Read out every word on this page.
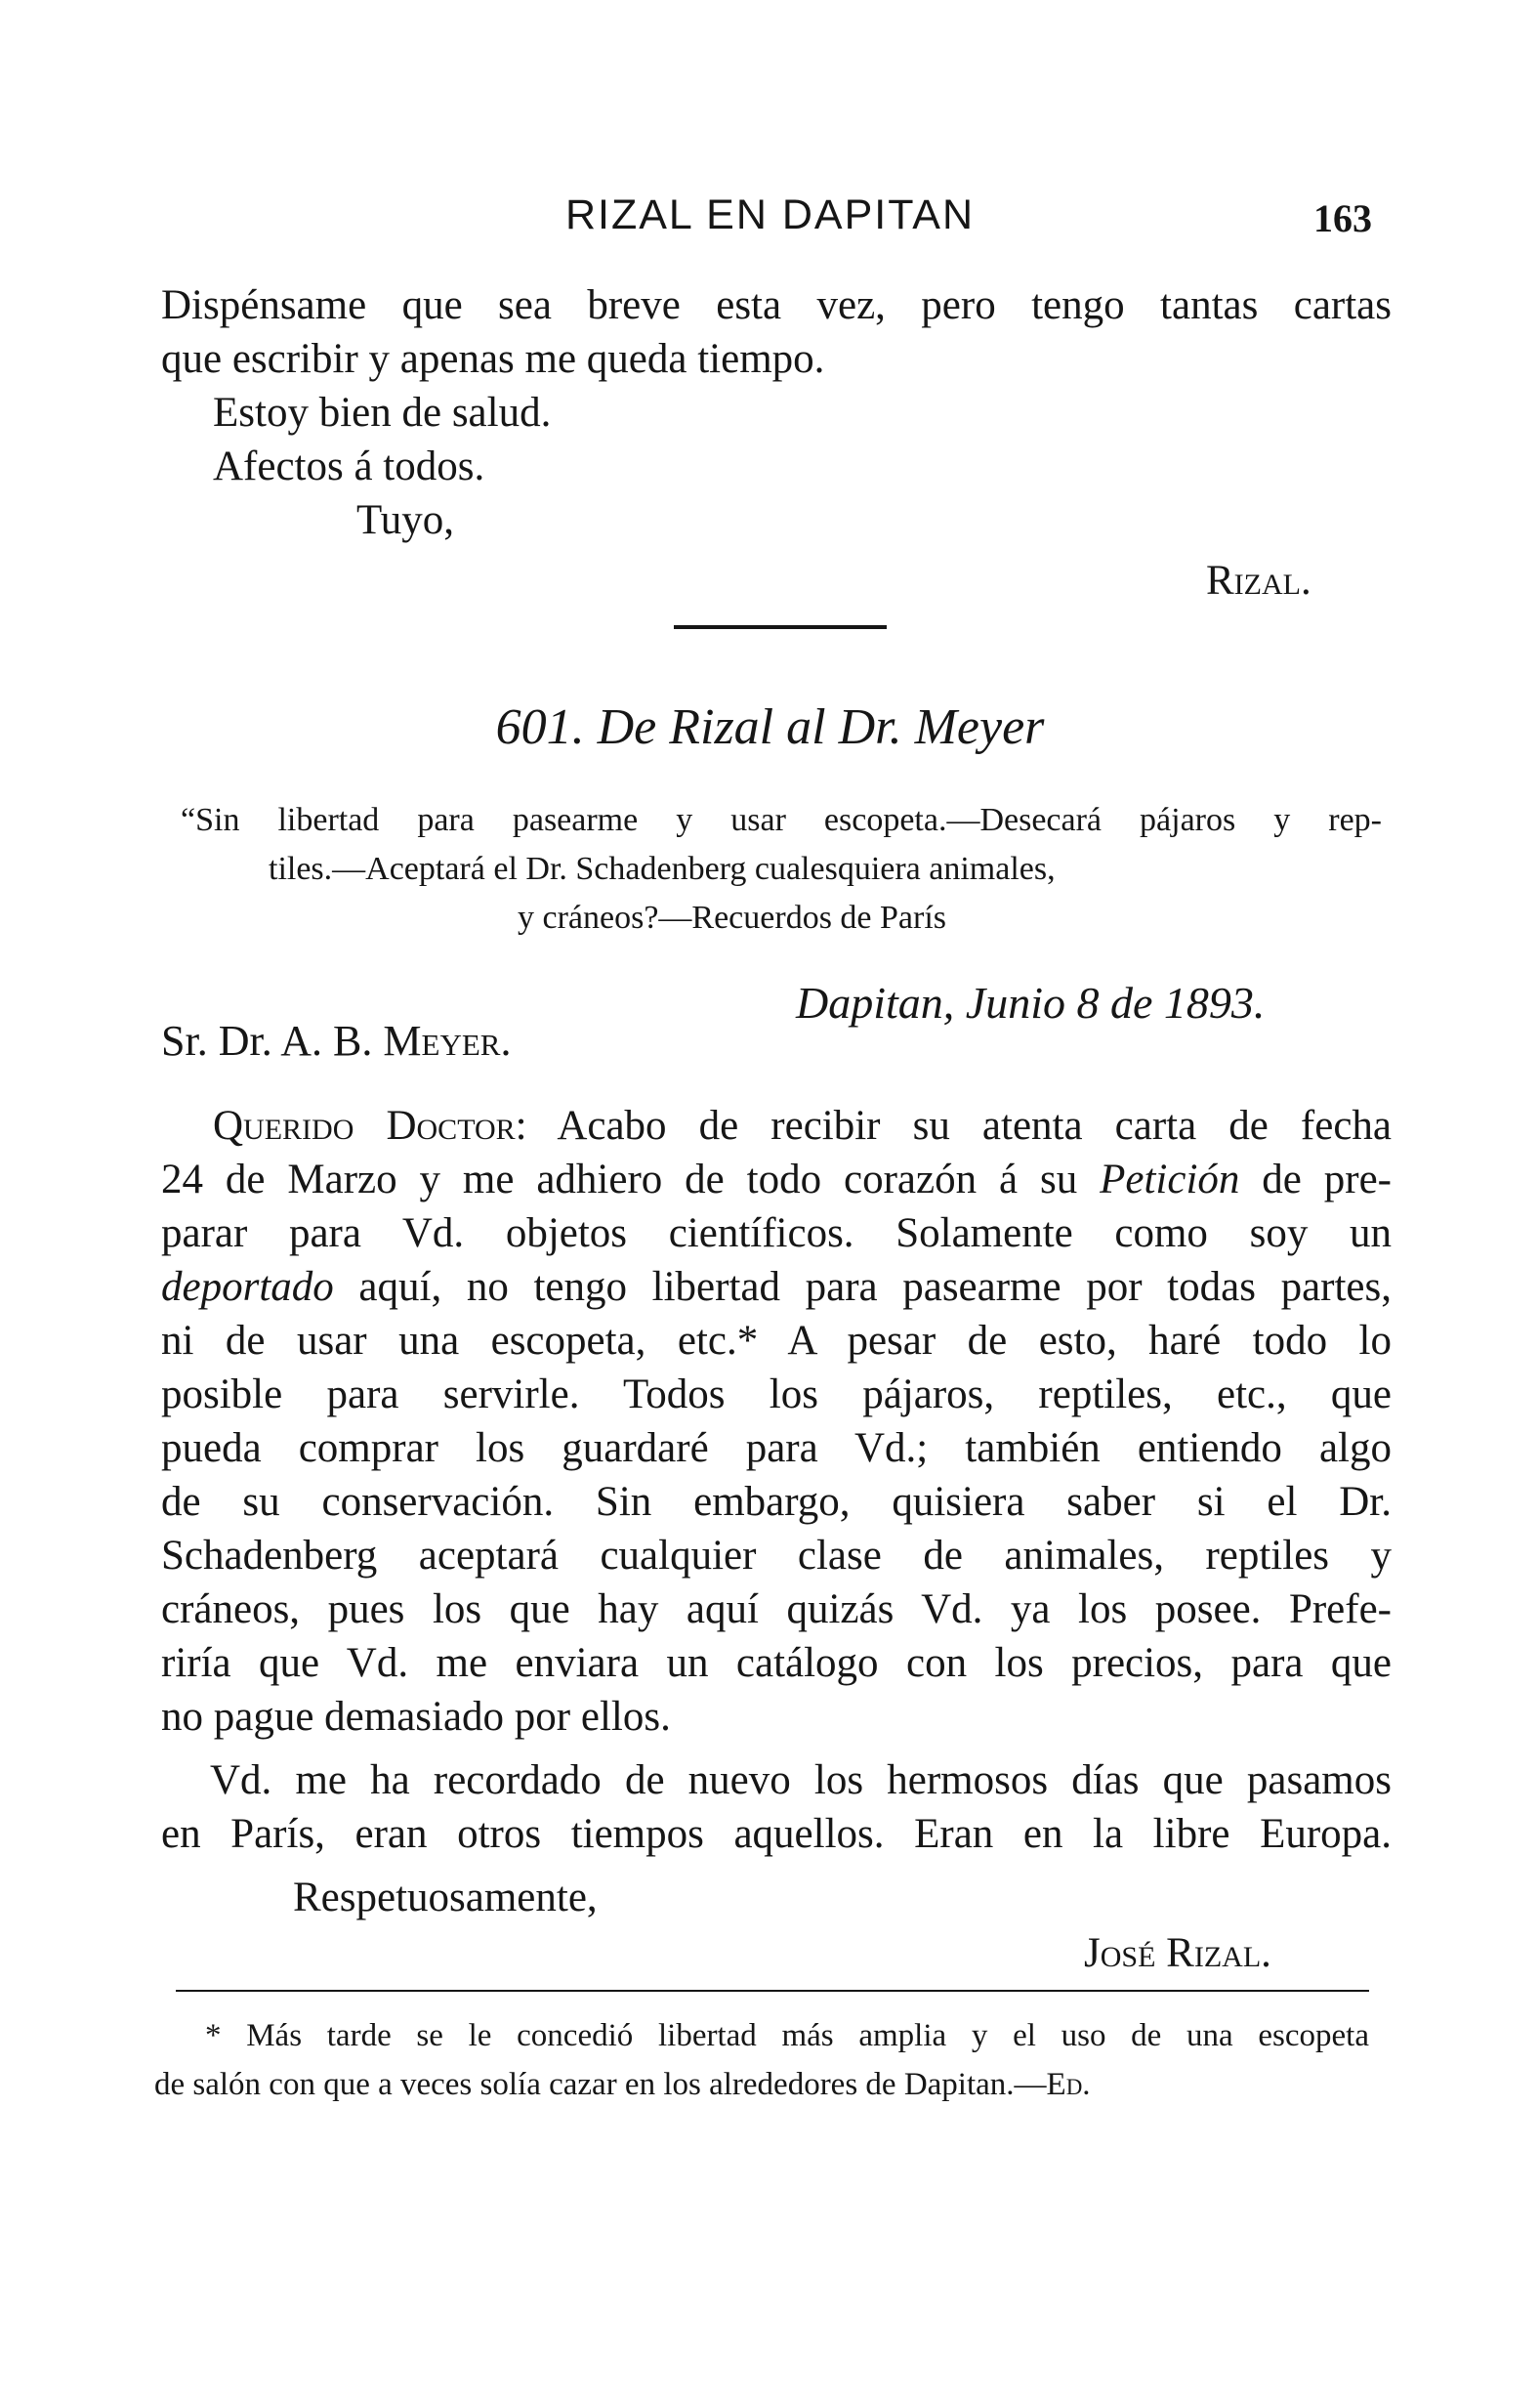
RIZAL EN DAPITAN	163
Dispénsame que sea breve esta vez, pero tengo tantas cartas
que escribir y apenas me queda tiempo.
Estoy bien de salud.
Afectos á todos.
Tuyo,
Rizal.
601. De Rizal al Dr. Meyer
“Sin libertad para pasearme y usar escopeta.—Desecará pájaros y rep-
tiles.—Aceptará el Dr. Schadenberg cualesquiera animales,
y cráneos?—Recuerdos de París
Dapitan, Junio 8 de 1893.
Sr. Dr. A. B. Meyer.
Querido Doctor: Acabo de recibir su atenta carta de fecha
24 de Marzo y me adhiero de todo corazón á su Petición de pre-
parar para Vd. objetos científicos. Solamente como soy un
deportado aquí, no tengo libertad para pasearme por todas partes,
ni de usar una escopeta, etc.* A pesar de esto, haré todo lo
posible para servirle. Todos los pájaros, reptiles, etc., que
pueda comprar los guardaré para Vd.; también entiendo algo
de su conservación. Sin embargo, quisiera saber si el Dr.
Schadenberg aceptará cualquier clase de animales, reptiles y
cráneos, pues los que hay aquí quizás Vd. ya los posee. Prefe-
riría que Vd. me enviara un catálogo con los precios, para que
no pague demasiado por ellos.
Vd. me ha recordado de nuevo los hermosos días que pasamos
en París, eran otros tiempos aquellos. Eran en la libre Europa.
Respetuosamente,
José Rizal.
* Más tarde se le concedió libertad más amplia y el uso de una escopeta
de salón con que a veces solía cazar en los alrededores de Dapitan.—Ed.
